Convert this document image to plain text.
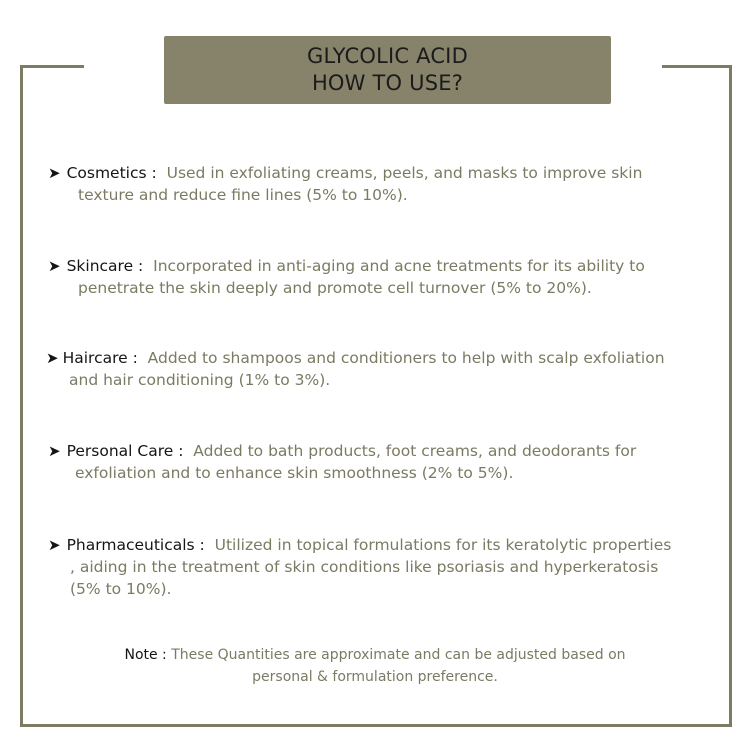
GLYCOLIC ACID
HOW TO USE?
➤ Cosmetics : Used in exfoliating creams, peels, and masks to improve skin
texture and reduce fine lines (5% to 10%).
➤ Skincare : Incorporated in anti-aging and acne treatments for its ability to
penetrate the skin deeply and promote cell turnover (5% to 20%).
➤ Haircare : Added to shampoos and conditioners to help with scalp exfoliation
and hair conditioning (1% to 3%).
➤ Personal Care : Added to bath products, foot creams, and deodorants for
exfoliation and to enhance skin smoothness (2% to 5%).
➤ Pharmaceuticals : Utilized in topical formulations for its keratolytic properties
, aiding in the treatment of skin conditions like psoriasis and hyperkeratosis
(5% to 10%).
Note : These Quantities are approximate and can be adjusted based on
personal & formulation preference.
